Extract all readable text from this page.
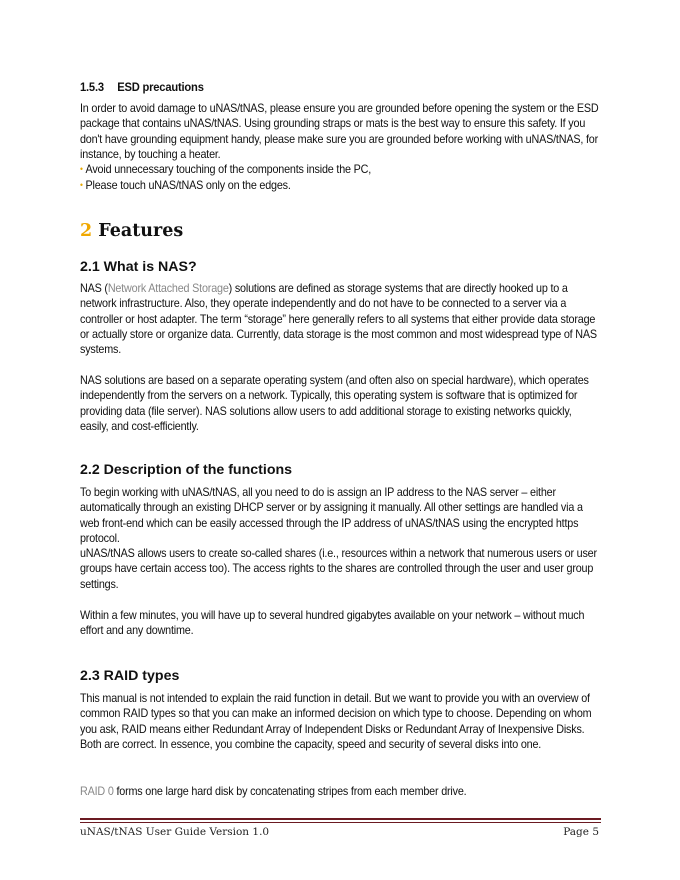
1.5.3 ESD precautions

In order to avoid damage to uNAS/tNAS, please ensure you are grounded before opening the system or the ESD package that contains uNAS/tNAS. Using grounding straps or mats is the best way to ensure this safety. If you don't have grounding equipment handy, please make sure you are grounded before working with uNAS/tNAS, for instance, by touching a heater.

• Avoid unnecessary touching of the components inside the PC,

• Please touch uNAS/tNAS only on the edges.

2 Features
2.1 What is NAS?

NAS (Network Attached Storage) solutions are defined as storage systems that are directly hooked up to a network infrastructure. Also, they operate independently and do not have to be connected to a server via a controller or host adapter. The term “storage” here generally refers to all systems that either provide data storage or actually store or organize data. Currently, data storage is the most common and most widespread type of NAS systems.

NAS solutions are based on a separate operating system (and often also on special hardware), which operates independently from the servers on a network. Typically, this operating system is software that is optimized for providing data (file server). NAS solutions allow users to add additional storage to existing networks quickly, easily, and cost-efficiently.

2.2 Description of the functions

To begin working with uNAS/tNAS, all you need to do is assign an IP address to the NAS server – either automatically through an existing DHCP server or by assigning it manually. All other settings are handled via a web front-end which can be easily accessed through the IP address of uNAS/tNAS using the encrypted https protocol.

uNAS/tNAS allows users to create so-called shares (i.e., resources within a network that numerous users or user groups have certain access too). The access rights to the shares are controlled through the user and user group settings.

Within a few minutes, you will have up to several hundred gigabytes available on your network – without much effort and any downtime.

2.3 RAID types

This manual is not intended to explain the raid function in detail. But we want to provide you with an overview of common RAID types so that you can make an informed decision on which type to choose. Depending on whom you ask, RAID means either Redundant Array of Independent Disks or Redundant Array of Inexpensive Disks. Both are correct. In essence, you combine the capacity, speed and security of several disks into one.

RAID 0 forms one large hard disk by concatenating stripes from each member drive.

uNAS/tNAS User Guide Version 1.0	Page 5
